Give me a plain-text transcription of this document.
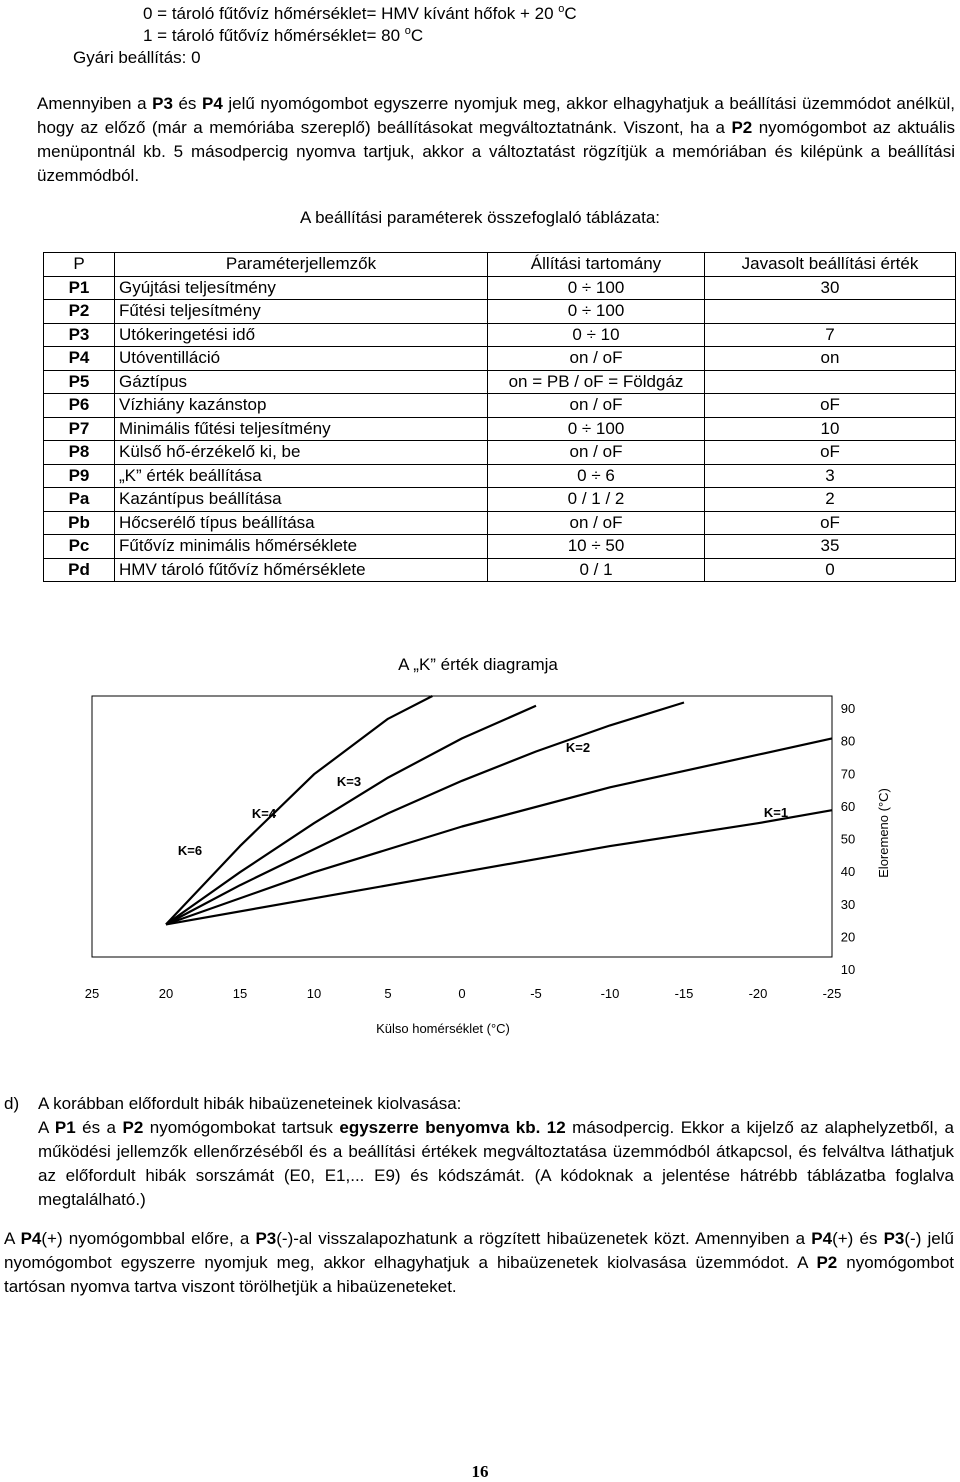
0 = tároló fűtővíz hőmérséklet= HMV kívánt hőfok + 20 $^o$C
1 = tároló fűtővíz hőmérséklet= 80 $^o$C
Gyári beállítás: 0
Amennyiben a P3 és P4 jelű nyomógombot egyszerre nyomjuk meg, akkor elhagyhatjuk a beállítási üzemmódot anélkül, hogy az előző (már a memóriába szereplő) beállításokat megváltoztatnánk. Viszont, ha a P2 nyomógombot az aktuális menüpontnál kb. 5 másodpercig nyomva tartjuk, akkor a változtatást rögzítjük a memóriában és kilépünk a beállítási üzemmódból.
A beállítási paraméterek összefoglaló táblázata:
P	Paraméterjellemzők	Állítási tartomány	Javasolt beállítási érték
P1	Gyújtási teljesítmény	0 ÷ 100	30
P2	Fűtési teljesítmény	0 ÷ 100	
P3	Utókeringetési idő	0 ÷ 10	7
P4	Utóventilláció	on / oF	on
P5	Gáztípus	on = PB / oF = Földgáz	
P6	Vízhiány kazánstop	on / oF	oF
P7	Minimális fűtési teljesítmény	0 ÷ 100	10
P8	Külső hő-érzékelő ki, be	on / oF	oF
P9	„K” érték beállítása	0 ÷ 6	3
Pa	Kazántípus beállítása	0 / 1 / 2	2
Pb	Hőcserélő típus beállítása	on / oF	oF
Pc	Fűtővíz minimális hőmérséklete	10 ÷ 50	35
Pd	HMV tároló fűtővíz hőmérséklete	0 / 1	0
A „K” érték diagramja
K=6
K=4
K=3
K=2
K=1
25	20	15	10	5	0	-5	-10	-15	-20	-25
90
80
70
60
50
40
30
20
10
Külso homérséklet (°C)
Eloremeno (°C)
d) A korábban előfordult hibák hibaüzeneteinek kiolvasása:
A P1 és a P2 nyomógombokat tartsuk egyszerre benyomva kb. 12 másodpercig. Ekkor a kijelző az alaphelyzetből, a működési jellemzők ellenőrzéséből és a beállítási értékek megváltoztatása üzemmódból átkapcsol, és felváltva láthatjuk az előfordult hibák sorszámát (E0, E1,... E9) és kódszámát. (A kódoknak a jelentése hátrébb táblázatba foglalva megtalálható.)
A P4(+) nyomógombbal előre, a P3(-)-al visszalapozhatunk a rögzített hibaüzenetek közt. Amennyiben a P4(+) és P3(-) jelű nyomógombot egyszerre nyomjuk meg, akkor elhagyhatjuk a hibaüzenetek kiolvasása üzemmódot. A P2 nyomógombot tartósan nyomva tartva viszont törölhetjük a hibaüzeneteket.
16
